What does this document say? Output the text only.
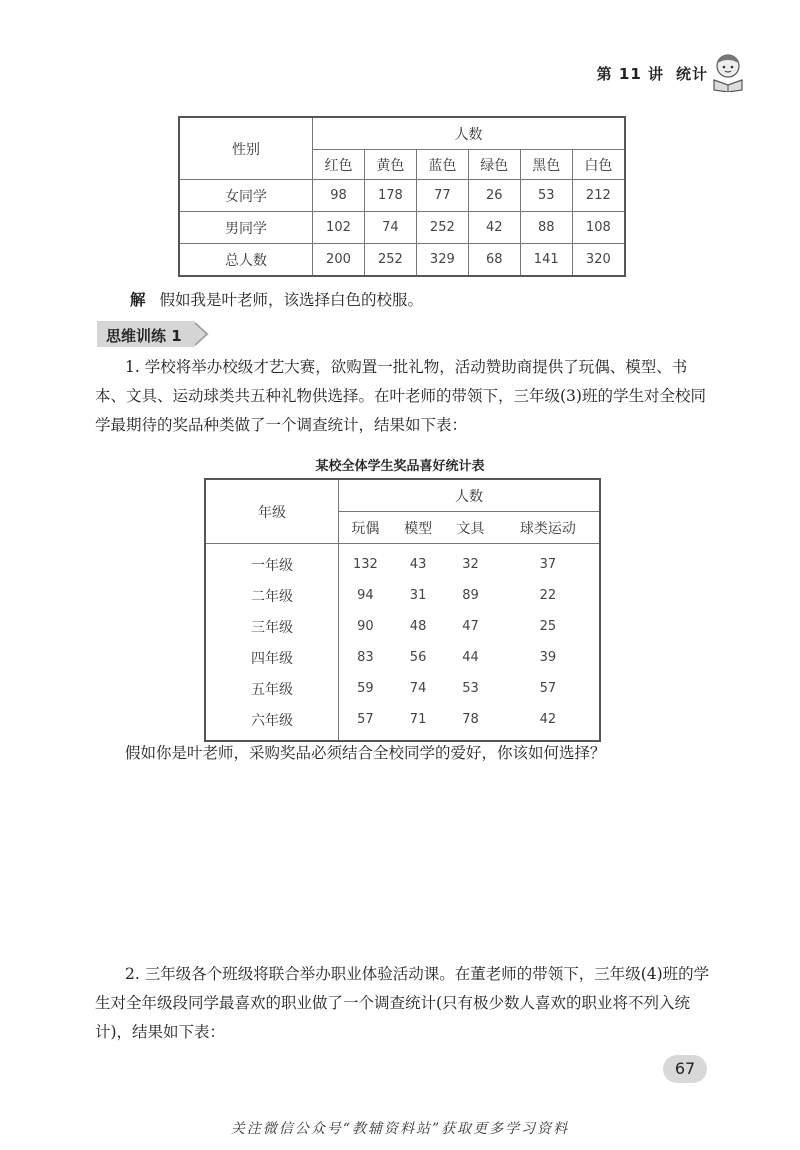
第 11 讲 统计
性别	人数					
	红色	黄色	蓝色	绿色	黑色	白色
女同学	98	178	77	26	53	212
男同学	102	74	252	42	88	108
总人数	200	252	329	68	141	320
解 假如我是叶老师，该选择白色的校服。
思维训练 1
1. 学校将举办校级才艺大赛，欲购置一批礼物，活动赞助商提供了玩偶、模型、书本、文具、运动球类共五种礼物供选择。在叶老师的带领下，三年级(3)班的学生对全校同学最期待的奖品种类做了一个调查统计，结果如下表：
某校全体学生奖品喜好统计表
年级	人数			
	玩偶	模型	文具	球类运动
一年级	132	43	32	37
二年级	94	31	89	22
三年级	90	48	47	25
四年级	83	56	44	39
五年级	59	74	53	57
六年级	57	71	78	42
假如你是叶老师，采购奖品必须结合全校同学的爱好，你该如何选择？
2. 三年级各个班级将联合举办职业体验活动课。在董老师的带领下，三年级(4)班的学生对全年级段同学最喜欢的职业做了一个调查统计(只有极少数人喜欢的职业将不列入统计)，结果如下表：
67
关注微信公众号“教辅资料站”获取更多学习资料
